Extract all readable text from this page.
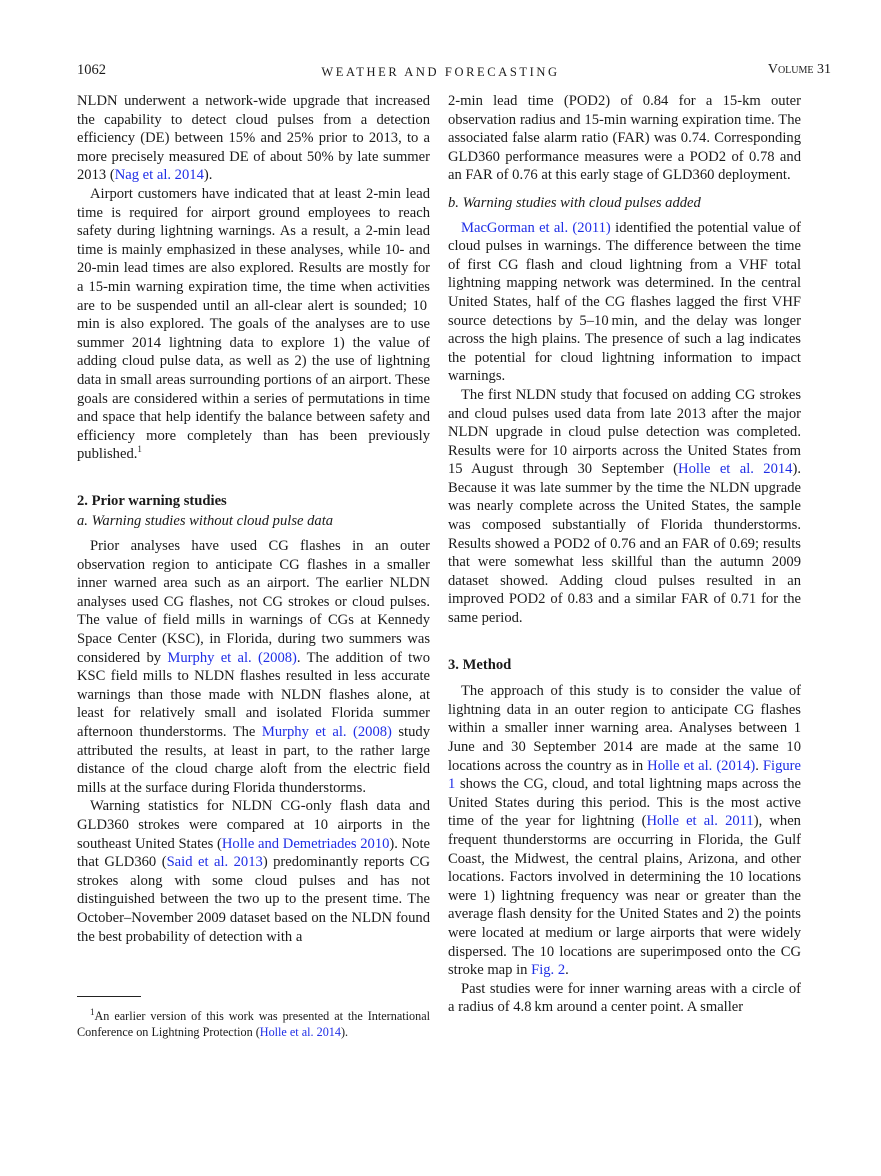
1062	WEATHER AND FORECASTING	Volume 31

NLDN underwent a network-wide upgrade that increased the capability to detect cloud pulses from a detection efficiency (DE) between 15% and 25% prior to 2013, to a more precisely measured DE of about 50% by late summer 2013 (Nag et al. 2014).

Airport customers have indicated that at least 2-min lead time is required for airport ground employees to reach safety during lightning warnings. As a result, a 2-min lead time is mainly emphasized in these analyses, while 10- and 20-min lead times are also explored. Results are mostly for a 15-min warning expiration time, the time when activities are to be suspended until an all-clear alert is sounded; 10 min is also explored. The goals of the analyses are to use summer 2014 lightning data to explore 1) the value of adding cloud pulse data, as well as 2) the use of lightning data in small areas surrounding portions of an airport. These goals are considered within a series of permutations in time and space that help identify the balance between safety and efficiency more completely than has been previously published.$^1$

2. Prior warning studies
a. Warning studies without cloud pulse data

Prior analyses have used CG flashes in an outer observation region to anticipate CG flashes in a smaller inner warned area such as an airport. The earlier NLDN analyses used CG flashes, not CG strokes or cloud pulses. The value of field mills in warnings of CGs at Kennedy Space Center (KSC), in Florida, during two summers was considered by Murphy et al. (2008). The addition of two KSC field mills to NLDN flashes resulted in less accurate warnings than those made with NLDN flashes alone, at least for relatively small and isolated Florida summer afternoon thunderstorms. The Murphy et al. (2008) study attributed the results, at least in part, to the rather large distance of the cloud charge aloft from the electric field mills at the surface during Florida thunderstorms.

Warning statistics for NLDN CG-only flash data and GLD360 strokes were compared at 10 airports in the southeast United States (Holle and Demetriades 2010). Note that GLD360 (Said et al. 2013) predominantly reports CG strokes along with some cloud pulses and has not distinguished between the two up to the present time. The October–November 2009 dataset based on the NLDN found the best probability of detection with a

$^1$An earlier version of this work was presented at the International Conference on Lightning Protection (Holle et al. 2014).

2-min lead time (POD2) of 0.84 for a 15-km outer observation radius and 15-min warning expiration time. The associated false alarm ratio (FAR) was 0.74. Corresponding GLD360 performance measures were a POD2 of 0.78 and an FAR of 0.76 at this early stage of GLD360 deployment.

b. Warning studies with cloud pulses added

MacGorman et al. (2011) identified the potential value of cloud pulses in warnings. The difference between the time of first CG flash and cloud lightning from a VHF total lightning mapping network was determined. In the central United States, half of the CG flashes lagged the first VHF source detections by 5–10 min, and the delay was longer across the high plains. The presence of such a lag indicates the potential for cloud lightning information to impact warnings.

The first NLDN study that focused on adding CG strokes and cloud pulses used data from late 2013 after the major NLDN upgrade in cloud pulse detection was completed. Results were for 10 airports across the United States from 15 August through 30 September (Holle et al. 2014). Because it was late summer by the time the NLDN upgrade was nearly complete across the United States, the sample was composed substantially of Florida thunderstorms. Results showed a POD2 of 0.76 and an FAR of 0.69; results that were somewhat less skillful than the autumn 2009 dataset showed. Adding cloud pulses resulted in an improved POD2 of 0.83 and a similar FAR of 0.71 for the same period.

3. Method

The approach of this study is to consider the value of lightning data in an outer region to anticipate CG flashes within a smaller inner warning area. Analyses between 1 June and 30 September 2014 are made at the same 10 locations across the country as in Holle et al. (2014). Figure 1 shows the CG, cloud, and total lightning maps across the United States during this period. This is the most active time of the year for lightning (Holle et al. 2011), when frequent thunderstorms are occurring in Florida, the Gulf Coast, the Midwest, the central plains, Arizona, and other locations. Factors involved in determining the 10 locations were 1) lightning frequency was near or greater than the average flash density for the United States and 2) the points were located at medium or large airports that were widely dispersed. The 10 locations are superimposed onto the CG stroke map in Fig. 2.

Past studies were for inner warning areas with a circle of a radius of 4.8 km around a center point. A smaller
